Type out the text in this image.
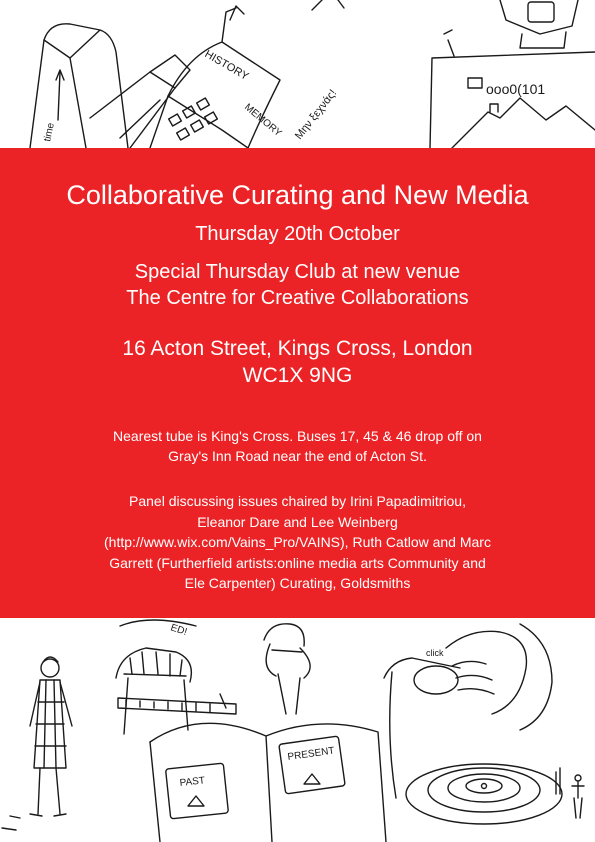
time
HISTORY
MEMORY Μην ξεχνάς!	ooo0(101
Collaborative Curating and New Media
Thursday 20th October
Special Thursday Club at new venue
The Centre for Creative Collaborations
16 Acton Street, Kings Cross, London
WC1X 9NG
Nearest tube is King's Cross. Buses 17, 45 & 46 drop off on
Gray's Inn Road near the end of Acton St.
Panel discussing issues chaired by Irini Papadimitriou,
Eleanor Dare and Lee Weinberg
(http://www.wix.com/Vains_Pro/VAINS), Ruth Catlow and Marc
Garrett (Furtherfield artists:online media arts Community and
Ele Carpenter) Curating, Goldsmiths
ED!
PAST
PRESENT
click
